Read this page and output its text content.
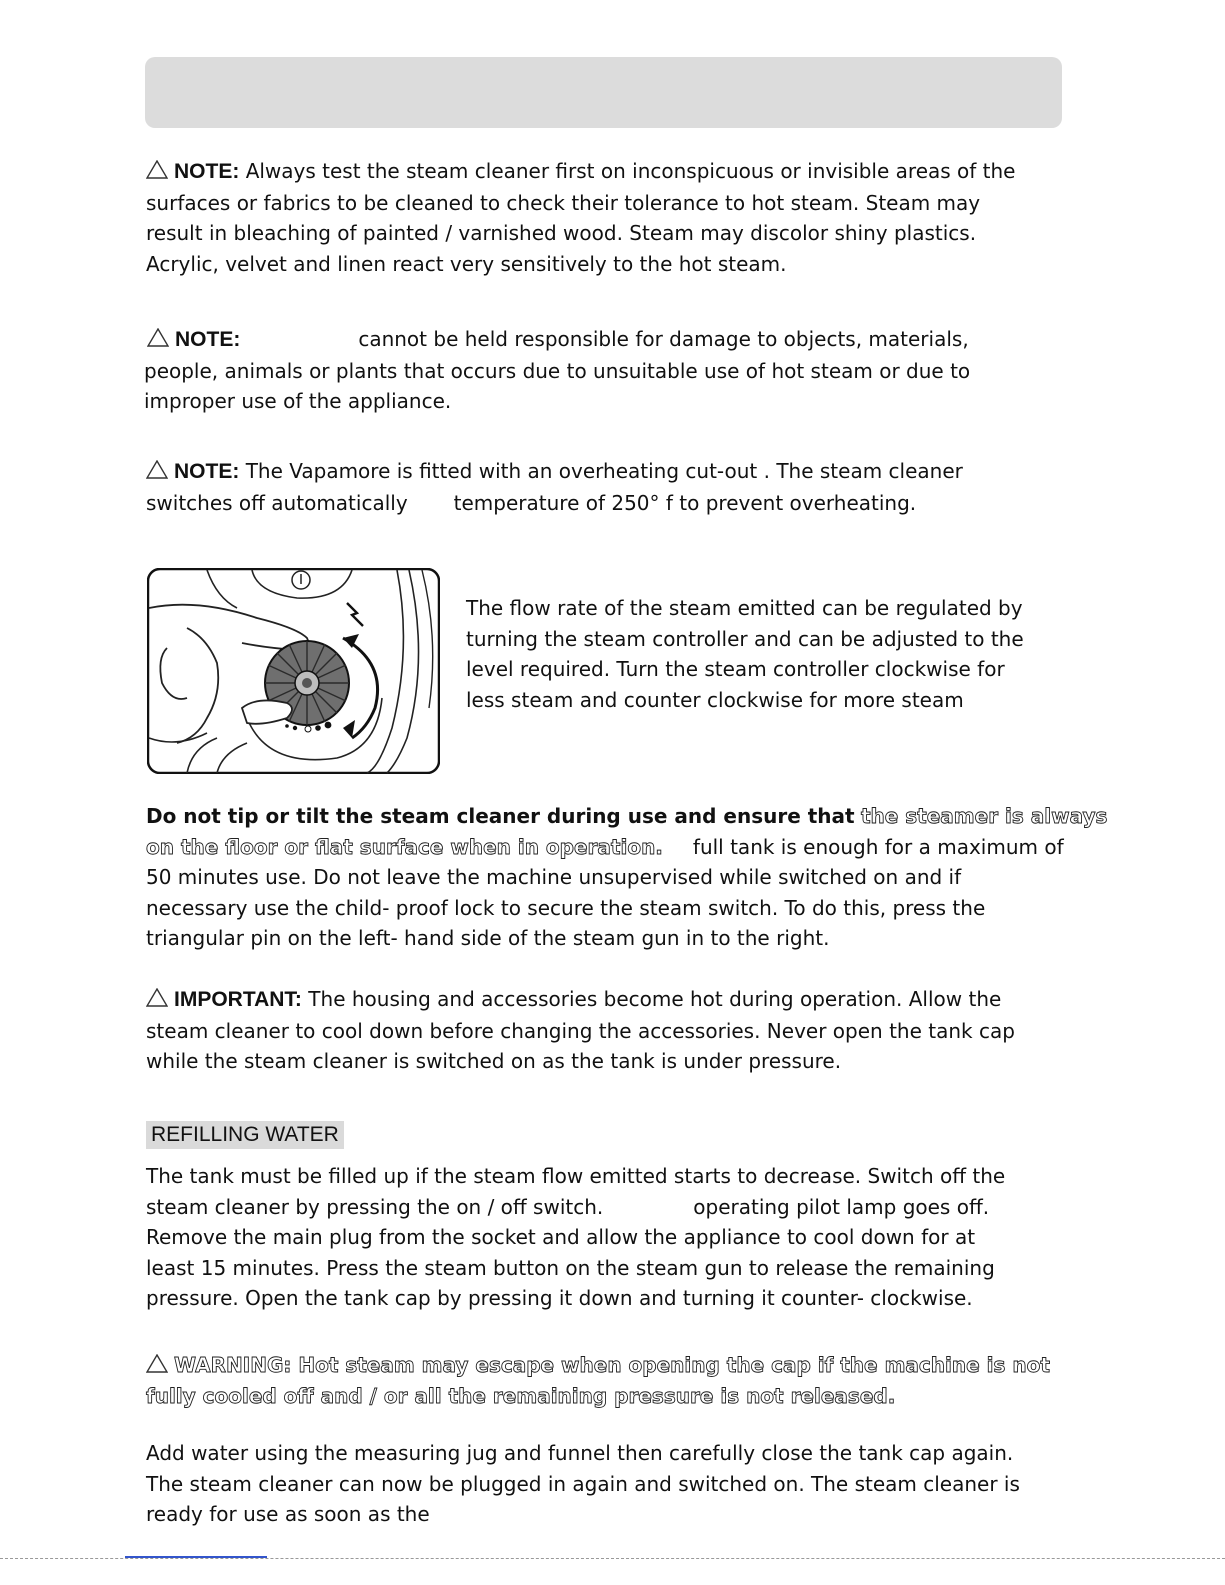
NOTE: Always test the steam cleaner first on inconspicuous or invisible areas of the
surfaces or fabrics to be cleaned to check their tolerance to hot steam. Steam may
result in bleaching of painted / varnished wood. Steam may discolor shiny plastics.
Acrylic, velvet and linen react very sensitively to the hot steam.
NOTE:	cannot be held responsible for damage to objects, materials,
people, animals or plants that occurs due to unsuitable use of hot steam or due to
improper use of the appliance.
NOTE: The Vapamore is fitted with an overheating cut-out . The steam cleaner
switches off automatically temperature of 250° f to prevent overheating.
The flow rate of the steam emitted can be regulated by
turning the steam controller and can be adjusted to the
level required. Turn the steam controller clockwise for
less steam and counter clockwise for more steam
Do not tip or tilt the steam cleaner during use and ensure that the steamer is always
on the floor or flat surface when in operation. full tank is enough for a maximum of
50 minutes use. Do not leave the machine unsupervised while switched on and if
necessary use the child- proof lock to secure the steam switch. To do this, press the
triangular pin on the left- hand side of the steam gun in to the right.
IMPORTANT: The housing and accessories become hot during operation. Allow the
steam cleaner to cool down before changing the accessories. Never open the tank cap
while the steam cleaner is switched on as the tank is under pressure.
REFILLING WATER
The tank must be filled up if the steam flow emitted starts to decrease. Switch off the
steam cleaner by pressing the on / off switch.	operating pilot lamp goes off.
Remove the main plug from the socket and allow the appliance to cool down for at
least 15 minutes. Press the steam button on the steam gun to release the remaining
pressure. Open the tank cap by pressing it down and turning it counter- clockwise.
WARNING: Hot steam may escape when opening the cap if the machine is not
fully cooled off and / or all the remaining pressure is not released.
Add water using the measuring jug and funnel then carefully close the tank cap again.
The steam cleaner can now be plugged in again and switched on. The steam cleaner is
ready for use as soon as the
